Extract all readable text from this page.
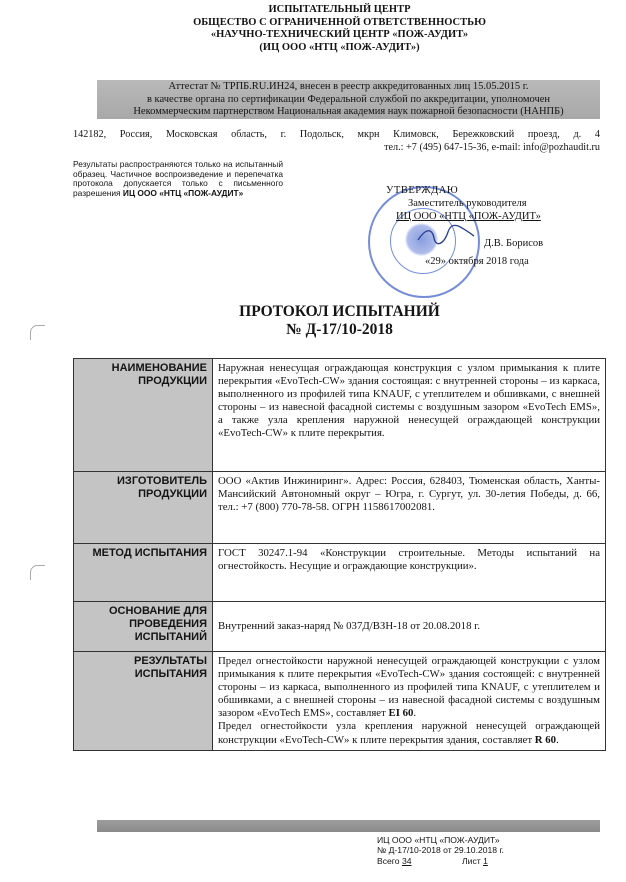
ИСПЫТАТЕЛЬНЫЙ ЦЕНТР
ОБЩЕСТВО С ОГРАНИЧЕННОЙ ОТВЕТСТВЕННОСТЬЮ
«НАУЧНО-ТЕХНИЧЕСКИЙ ЦЕНТР «ПОЖ-АУДИТ»
(ИЦ ООО «НТЦ «ПОЖ-АУДИТ»)
Аттестат № ТРПБ.RU.ИН24, внесен в реестр аккредитованных лиц 15.05.2015 г.
в качестве органа по сертификации Федеральной службой по аккредитации, уполномочен
Некоммерческим партнерством Национальная академия наук пожарной безопасности (НАНПБ)
142182, Россия, Московская область, г. Подольск, мкрн Климовск, Бережковский проезд, д. 4
тел.: +7 (495) 647-15-36, e-mail: info@pozhaudit.ru
Результаты распространяются только на испытанный образец. Частичное воспроизведение и перепечатка протокола допускается только с письменного разрешения ИЦ ООО «НТЦ «ПОЖ-АУДИТ»	УТВЕРЖДАЮ
Заместитель руководителя
ИЦ ООО «НТЦ «ПОЖ-АУДИТ»
Д.В. Борисов
«29» октября 2018 года
ПРОТОКОЛ ИСПЫТАНИЙ
№ Д-17/10-2018
НАИМЕНОВАНИЕ ПРОДУКЦИИ	Наружная ненесущая ограждающая конструкция с узлом примыкания к плите перекрытия «EvoTech-CW» здания состоящая: с внутренней стороны – из каркаса, выполненного из профилей типа KNAUF, с утеплителем и обшивками, с внешней стороны – из навесной фасадной системы с воздушным зазором «EvoTech EMS», а также узла крепления наружной ненесущей ограждающей конструкции «EvoTech-CW» к плите перекрытия.
ИЗГОТОВИТЕЛЬ ПРОДУКЦИИ	ООО «Актив Инжиниринг». Адрес: Россия, 628403, Тюменская область, Ханты-Мансийский Автономный округ – Югра, г. Сургут, ул. 30-летия Победы, д. 66, тел.: +7 (800) 770-78-58. ОГРН 1158617002081.
МЕТОД ИСПЫТАНИЯ	ГОСТ 30247.1-94 «Конструкции строительные. Методы испытаний на огнестойкость. Несущие и ограждающие конструкции».
ОСНОВАНИЕ ДЛЯ ПРОВЕДЕНИЯ ИСПЫТАНИЙ	Внутренний заказ-наряд № 037Д/ВЗН-18 от 20.08.2018 г.
РЕЗУЛЬТАТЫ ИСПЫТАНИЯ	Предел огнестойкости наружной ненесущей ограждающей конструкции с узлом примыкания к плите перекрытия «EvoTech-CW» здания состоящей: с внутренней стороны – из каркаса, выполненного из профилей типа KNAUF, с утеплителем и обшивками, а с внешней стороны – из навесной фасадной системы с воздушным зазором «EvoTech EMS», составляет EI 60.
Предел огнестойкости узла крепления наружной ненесущей ограждающей конструкции «EvoTech-CW» к плите перекрытия здания, составляет R 60.
ИЦ ООО «НТЦ «ПОЖ-АУДИТ»
№ Д-17/10-2018 от 29.10.2018 г.
Всего 34	Лист 1
